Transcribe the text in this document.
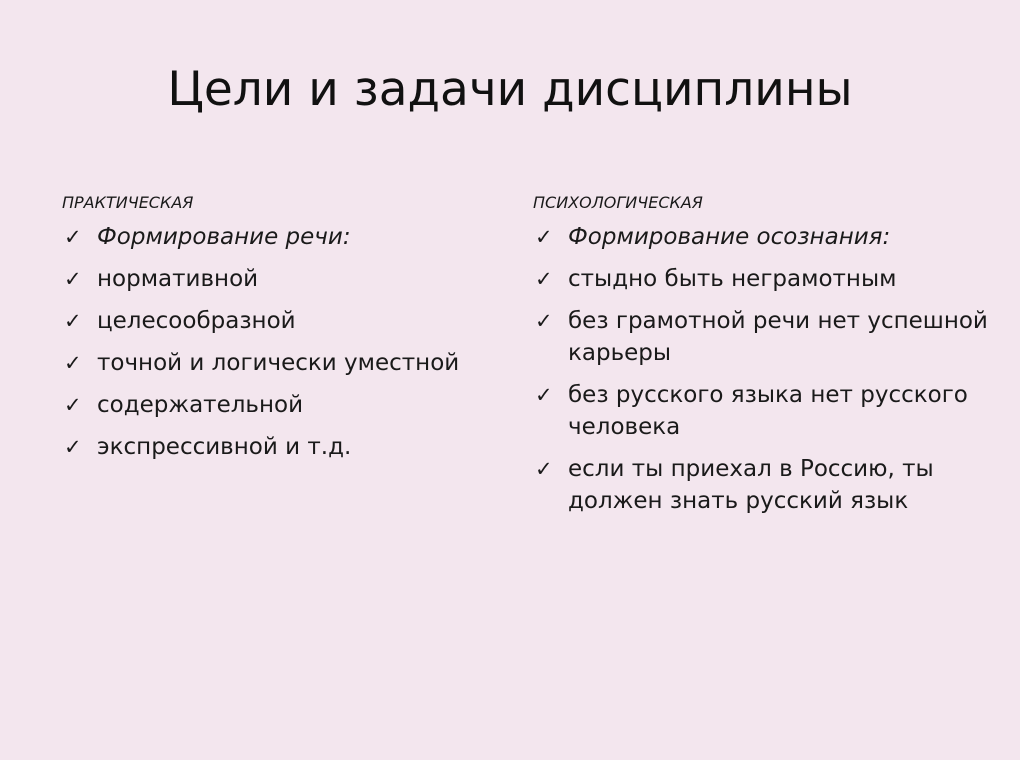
Цели и задачи дисциплины
практическая
✓ Формирование речи:
✓ нормативной
✓ целесообразной
✓ точной и логически уместной
✓ содержательной
✓ экспрессивной и т.д.
психологическая
✓ Формирование осознания:
✓ стыдно быть неграмотным
✓ без грамотной речи нет успешной карьеры
✓ без русского языка нет русского человека
✓ если ты приехал в Россию, ты должен знать русский язык
